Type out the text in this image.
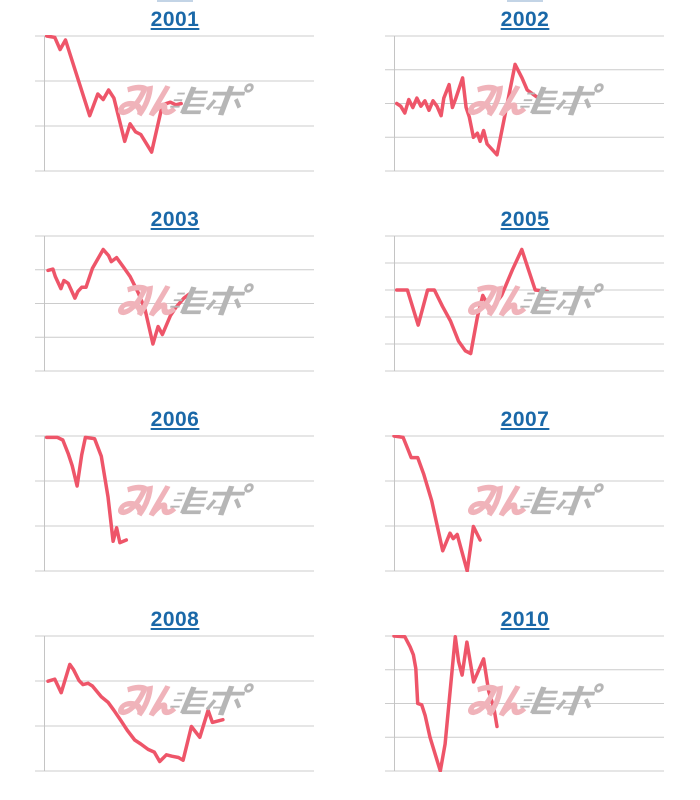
2001	2002
2003	2005
2006	2007
2008	2010
